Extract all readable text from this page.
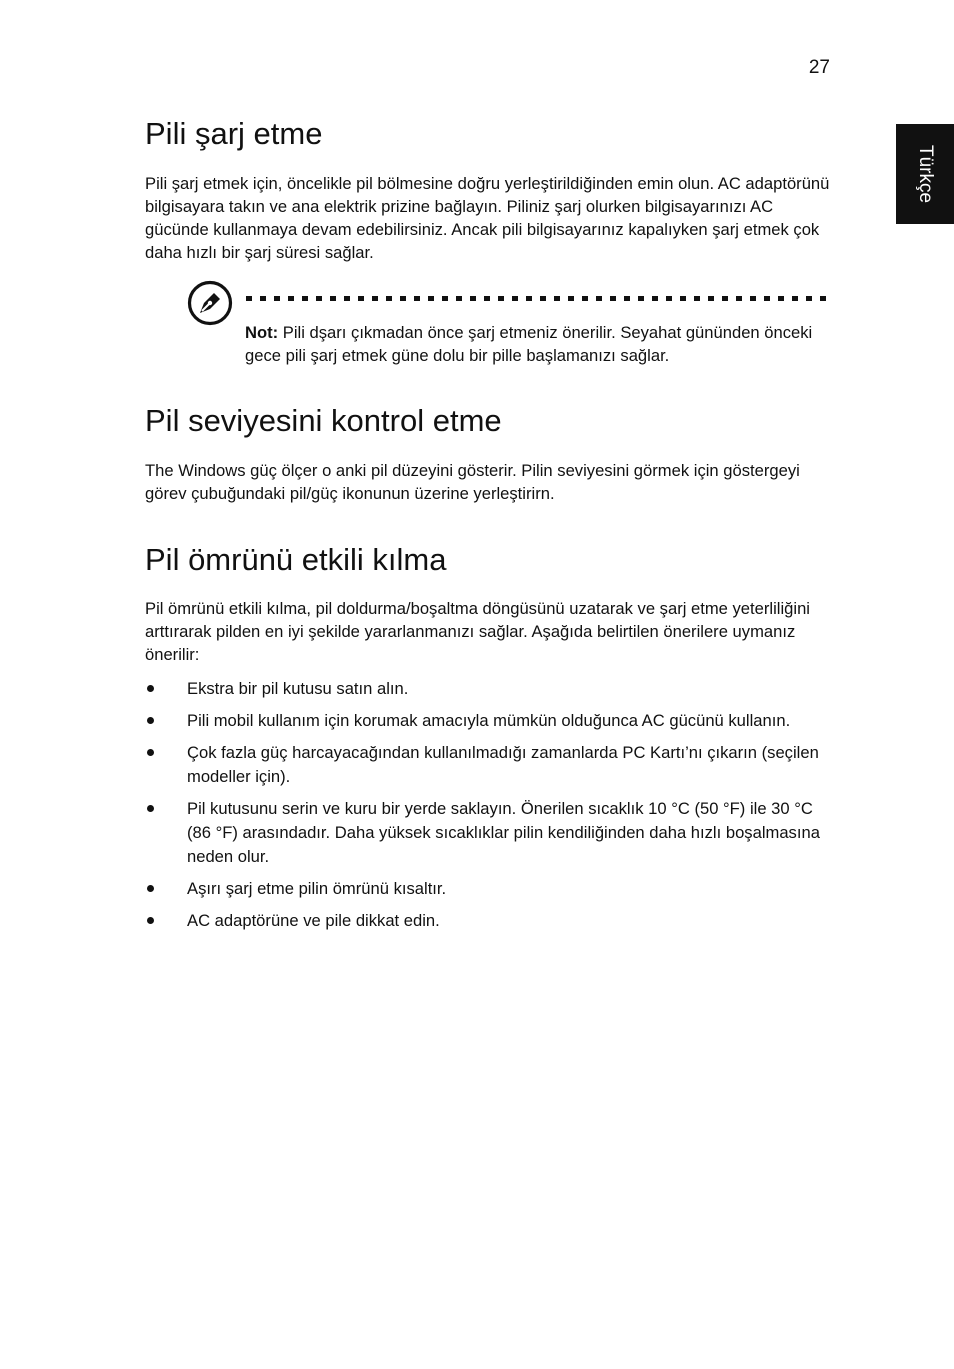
27
Türkçe
Pili şarj etme

Pili şarj etmek için, öncelikle pil bölmesine doğru yerleştirildiğinden emin olun. AC adaptörünü bilgisayara takın ve ana elektrik prizine bağlayın. Piliniz şarj olurken bilgisayarınızı AC gücünde kullanmaya devam edebilirsiniz. Ancak pili bilgisayarınız kapalıyken şarj etmek çok daha hızlı bir şarj süresi sağlar.

Not: Pili dşarı çıkmadan önce şarj etmeniz önerilir. Seyahat gününden önceki gece pili şarj etmek güne dolu bir pille başlamanızı sağlar.

Pil seviyesini kontrol etme

The Windows güç ölçer o anki pil düzeyini gösterir. Pilin seviyesini görmek için göstergeyi görev çubuğundaki pil/güç ikonunun üzerine yerleştirirn.

Pil ömrünü etkili kılma

Pil ömrünü etkili kılma, pil doldurma/boşaltma döngüsünü uzatarak ve şarj etme yeterliliğini arttırarak pilden en iyi şekilde yararlanmanızı sağlar. Aşağıda belirtilen önerilere uymanız önerilir:

Ekstra bir pil kutusu satın alın.
Pili mobil kullanım için korumak amacıyla mümkün olduğunca AC gücünü kullanın.
Çok fazla güç harcayacağından kullanılmadığı zamanlarda PC Kartı’nı çıkarın (seçilen modeller için).
Pil kutusunu serin ve kuru bir yerde saklayın. Önerilen sıcaklık 10 °C (50 °F) ile 30 °C (86 °F) arasındadır. Daha yüksek sıcaklıklar pilin kendiliğinden daha hızlı boşalmasına neden olur.
Aşırı şarj etme pilin ömrünü kısaltır.
AC adaptörüne ve pile dikkat edin.
